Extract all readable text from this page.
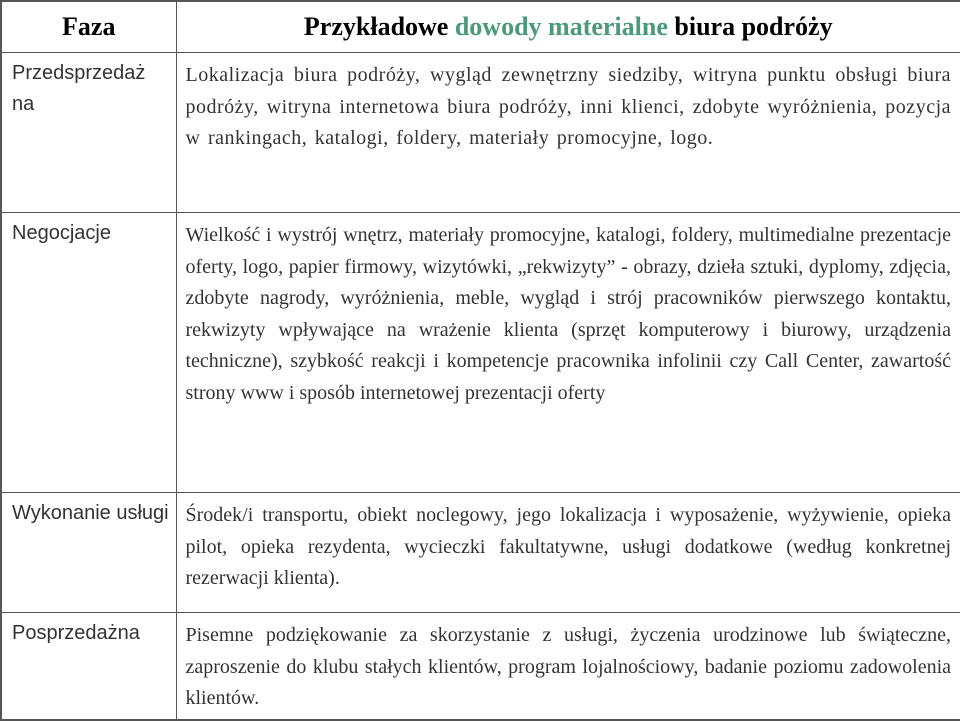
Faza	Przykładowe dowody materialne biura podróży

Przedsprzedaż na	Lokalizacja biura podróży, wygląd zewnętrzny siedziby, witryna punktu obsługi biura podróży, witryna internetowa biura podróży, inni klienci, zdobyte wyróżnienia, pozycja w rankingach, katalogi, foldery, materiały promocyjne, logo.
Negocjacje	Wielkość i wystrój wnętrz, materiały promocyjne, katalogi, foldery, multimedialne prezentacje oferty, logo, papier firmowy, wizytówki, „rekwizyty” - obrazy, dzieła sztuki, dyplomy, zdjęcia, zdobyte nagrody, wyróżnienia, meble, wygląd i strój pracowników pierwszego kontaktu, rekwizyty wpływające na wrażenie klienta (sprzęt komputerowy i biurowy, urządzenia techniczne), szybkość reakcji i kompetencje pracownika infolinii czy Call Center, zawartość strony www i sposób internetowej prezentacji oferty
Wykonanie usługi	Środek/i transportu, obiekt noclegowy, jego lokalizacja i wyposażenie, wyżywienie, opieka pilot, opieka rezydenta, wycieczki fakultatywne, usługi dodatkowe (według konkretnej rezerwacji klienta).
Posprzedażna	Pisemne podziękowanie za skorzystanie z usługi, życzenia urodzinowe lub świąteczne, zaproszenie do klubu stałych klientów, program lojalnościowy, badanie poziomu zadowolenia klientów.
